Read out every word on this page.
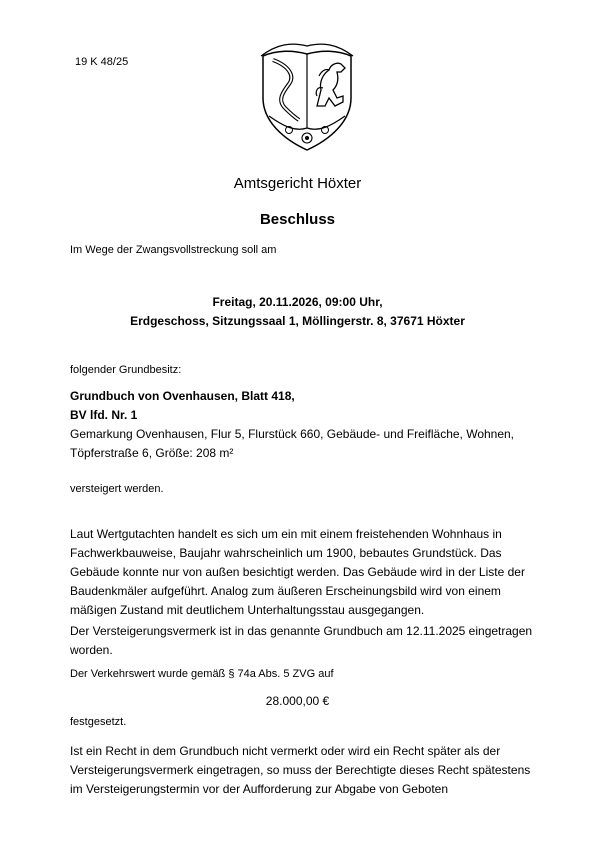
19 K 48/25
Amtsgericht Höxter
Beschluss
Im Wege der Zwangsvollstreckung soll am
Freitag, 20.11.2026, 09:00 Uhr,
Erdgeschoss, Sitzungssaal 1, Möllingerstr. 8, 37671 Höxter
folgender Grundbesitz:
Grundbuch von Ovenhausen, Blatt 418,
BV lfd. Nr. 1
Gemarkung Ovenhausen, Flur 5, Flurstück 660, Gebäude- und Freifläche, Wohnen, Töpferstraße 6, Größe: 208 m²
versteigert werden.
Laut Wertgutachten handelt es sich um ein mit einem freistehenden Wohnhaus in Fachwerkbauweise, Baujahr wahrscheinlich um 1900, bebautes Grundstück. Das Gebäude konnte nur von außen besichtigt werden. Das Gebäude wird in der Liste der Baudenkmäler aufgeführt. Analog zum äußeren Erscheinungsbild wird von einem mäßigen Zustand mit deutlichem Unterhaltungsstau ausgegangen.
Der Versteigerungsvermerk ist in das genannte Grundbuch am 12.11.2025 eingetragen worden.
Der Verkehrswert wurde gemäß § 74a Abs. 5 ZVG auf
28.000,00 €
festgesetzt.
Ist ein Recht in dem Grundbuch nicht vermerkt oder wird ein Recht später als der Versteigerungsvermerk eingetragen, so muss der Berechtigte dieses Recht spätestens im Versteigerungstermin vor der Aufforderung zur Abgabe von Geboten
